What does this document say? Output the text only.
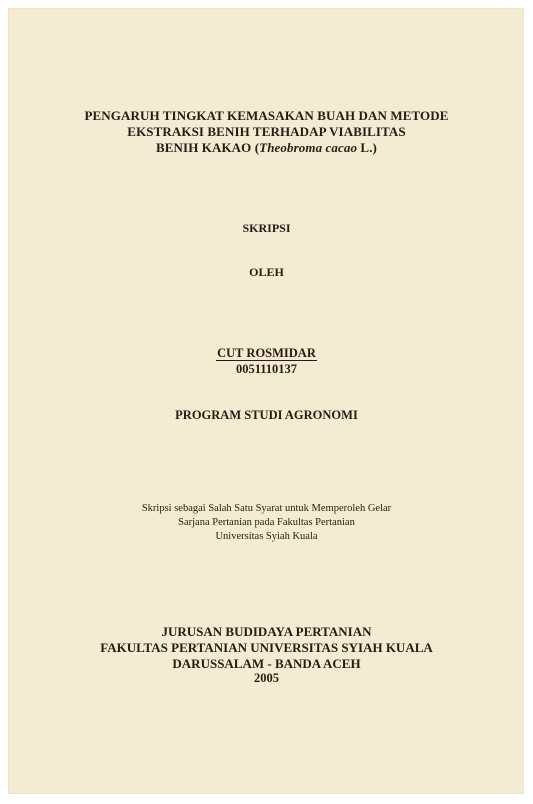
PENGARUH TINGKAT KEMASAKAN BUAH DAN METODE
EKSTRAKSI BENIH TERHADAP VIABILITAS
BENIH KAKAO (Theobroma cacao L.)
SKRIPSI
OLEH
CUT ROSMIDAR
0051110137
PROGRAM STUDI AGRONOMI
Skripsi sebagai Salah Satu Syarat untuk Memperoleh Gelar
Sarjana Pertanian pada Fakultas Pertanian
Universitas Syiah Kuala
JURUSAN BUDIDAYA PERTANIAN
FAKULTAS PERTANIAN UNIVERSITAS SYIAH KUALA
DARUSSALAM - BANDA ACEH
2005
